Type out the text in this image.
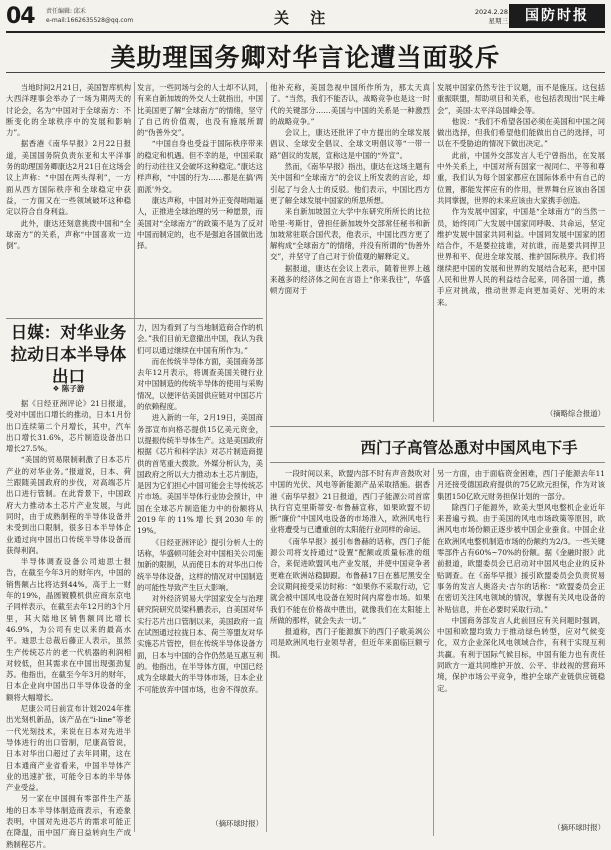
04 责任编辑: 邱禾
e-mail:1662635528@qq.com	关 注	2024.2.28
星期三	国防时报
美助理国务卿对华言论遭当面驳斥

当地时间2月21日，美国智库机构大西洋理事会举办了一场为期两天的讨论会，名为“中国对于全球南方：不断变化的全球秩序中的发展和影响力”。

据香港《南华早报》2月22日报道，美国国务院负责东亚和太平洋事务的助理国务卿康达2月21日在这场会议上声称：“中国在两头得利”，一方面从西方国际秩序和全球稳定中获益，一方面又在一些领域破坏这种稳定以符合自身利益。

此外，康达还刻意挑拨中国和“全球南方”的关系，声称“中国喜欢一边倒”。

发言，一些同场与会的人士却不认同，有来自新加坡的外交人士就指出，中国比美国更了解“全球南方”的情绪，坚守了自己的价值观，也没有施展所谓的“伪善外交”。

“中国自身也受益于国际秩序带来的稳定和机遇。但不幸的是，中国采取的行动往往又会破坏这种稳定。”康达这样声称，“中国的行为……都是在搞‘两面派’外交。

康达声称，中国对外正变得咄咄逼人，正推进全球治理的另一种愿景，而美国对“全球南方”的政策不是为了反对中国而制定的，也不是强迫各国做出选择。

他补充称，美国急视中国所作所为，那太天真了。“当然，我们不能否认，战略竞争也是这一时代的关键部分……美国与中国的关系是一种激烈的战略竞争。”

会议上，康达还批评了中方提出的全球发展倡议、全球安全倡议、全球文明倡议等“一带一路”倡议的发展，宣称这是中国的“外宣”。

然而，《南华早报》指出，康达在这场主题有关中国和“全球南方”的会议上所发表的言论，却引起了与会人士的反驳。他们表示，中国比西方更了解全球发展中国家的所思所想。

来自新加坡国立大学中东研究所所长的比拉哈里·考斯甘，曾担任新加坡外交部常任秘书和新加坡常驻联合国代表，他表示，中国比西方更了解构成“全球南方”的情绪，并没有所谓的“伪善外交”，并坚守了自己对于价值观的解释定义。

据报道，康达在会议上表示，随着世界上越来越多的经济体之间在言语上“你来我往”，华盛顿方面对于

发展中国家仍然专注于议题，而不是施压。这包括重振联盟，帮助项目和关系，也包括表现出“民主峰会”，美国-太平洋岛国峰会等。

他说：“我们不希望各国必须在美国和中国之间做出选择，但我们希望他们能做出自己的选择，可以在不受胁迫的情况下做出决定。”

此前，中国外交部发言人毛宁曾指出，在发展中外关系上，中国对所有国家一视同仁、平等和尊重，我们认为每个国家都应在国际体系中有自己的位置，都能发挥应有的作用，世界舞台应该由各国共同掌握，世界的未来应该由大家携手创造。

作为发展中国家，中国是“全球南方”的当然一员，始终同广大发展中国家同呼吸、共命运，坚定维护发展中国家共同利益。中国同发展中国家的团结合作，不是要拉拢谁，对抗谁，而是要共同捍卫世界和平、促进全球发展、推护国际秩序。我们将继续把中国的发展和世界的发展结合起来，把中国人民和世界人民的利益结合起来，同各国一道，携手应对挑战，推动世界走向更加美好、光明的未来。

（摘略综合报道）
日媒：对华业务
拉动日本半导体出口
❖ 陈子游

据《日经亚洲评论》21日报道，受对中国出口增长的推动，日本1月份出口连续第二个月增长，其中，汽车出口增长31.6%，芯片制造设备出口增长27.5%。

“美国的贸易限制刺激了日本芯片产业的对华业务。”报道说，日本、荷兰跟随美国政府的步伐，对高端芯片出口进行管制。在此背景下，中国政府大力推动本土芯片产业发展，与此同时，由于成熟制程的半导体设备并未受到出口限制，很多日本半导体企业通过向中国出口传统半导体设备而获得利润。

半导体调查设备公司迪思士报告，在截至今年3月的财年内，中国的销售额占比将达到44%，高于上一财年的19%，晶圆镀膜机供应商东京电子同样表示，在截至去年12月的3个月里，其大陆地区销售额同比增长46.9%，为公司有史以来的最高水平。迪思士总裁后藤正人表示，虽然生产传统芯片的老一代机器的利润相对较低，但其需求在中国出现强劲复苏。他指出，在截至今年3月的财年，日本企业向中国出口半导体设备的金额将大幅增长。

尼康公司日前宣布计划2024年推出光刻机新品，该产品在“i-line”等老一代光刻技术，来说在日本对先进半导体进行的出口管制，尼康高管说，日本对华出口超过了去年同期，这在日本通商产业省看来，中国半导体产业的迅速扩张，可能令日本的半导体产业受益。

另一家在中国拥有零部件生产基地的日本半导体制造商表示，有迹象表明，中国对先进芯片的需求可能正在降温，而中国厂商日益转向生产成熟制程芯片。

力，因为看到了与当地制造商合作的机会。”我们目前无意撤出中国，我认为我们可以通过继续在中国有所作为。”

而在传统半导体方面，美国商务部去年12月表示，将调查美国关键行业对中国制造的传统半导体的使用与采购情况，以便评估美国供应链对中国芯片的依赖程度。

进入新的一年，2月19日，美国商务部宣布向格芯提供15亿美元资金，以提振传统半导体生产。这是美国政府根据《芯片和科学法》对芯片制造商提供的首笔重大拨款。外媒分析认为，美国政府之所以大力推动本土芯片制造，是因为它们担心中国可能会主导传统芯片市场。美国半导体行业协会预计，中国在全球芯片制造能力中的份额将从2019年的11%增长到2030年的19%。

《日经亚洲评论》提引分析人士的话称，华盛顿可能会对中国相关公司施加新的限制，从而使日本的对华出口传统半导体设备，这样的情况对中国制造的可能性导致产生巨大影响。

对外经济贸易大学国家安全与治理研究院研究员梁科鹏表示，自美国对华实行芯片出口管制以来，美国政府一直在试图通过拉拢日本、荷兰等盟友对华实施芯片管控，但在传统半导体设备方面，日本与中国的合作仍然是互惠互利的。他指出，在半导体方面，中国已经成为全球最大的半导体市场，日本企业不可能放弃中国市场，也舍不得放弃。

（摘环球时报）
西门子高管怂恿对中国风电下手

一段时间以来，欧盟内部不时有声音鼓吹对中国的光伏、风电等新能源产品采取措施。据香港《南华早报》21日报道，西门子能源公司首席执行官克里斯蒂安·布鲁赫宣称，如果欧盟不切断“廉价”中国风电设备的市场准入，欧洲风电行业将遭受与已遭重创的太阳能行业同样的命运。

《南华早报》援引布鲁赫的话称，西门子能源公司将支持通过“设置”配额或质量标准的组合，来促进欧盟风电产业发展，并使中国竞争者更难在欧洲站稳脚跟。布鲁赫17日在慕尼黑安全会议期间接受采访时称：“如果你不采取行动，它就会被中国风电设备在短时间内席卷市场。如果我们不能在价格战中胜出，就像我们在太阳能上所做的那样，就会失去一切。”

报道称，西门子能源旗下的西门子歌美飒公司是欧洲风电行业领导者，但近年来面临巨额亏损。

另一方面，由于面临资金困难，西门子能源去年11月还接受德国政府提供的75亿欧元担保，作为对该集团150亿欧元财务担保计划的一部分。

除西门子能源外，欧美大型风电整机企业近年来普遍亏损。由于美国的风电市场政策等原因，欧洲风电市场份额正逐步被中国企业蚕食。中国企业在欧洲风电整机制造市场的份额约为2/3。一些关键零部件占有60%~70%的份额。据《金融时报》此前报道，欧盟委员会已启动对中国风电企业的反补贴调查。在《南华早报》援引欧盟委员会负责贸易事务的发言人奥洛夫·吉尔的话称：“欧盟委员会正在密切关注风电领域的情况，掌握有关风电设备的补贴信息，并在必要时采取行动。”

中国商务部发言人此前回应有关问题时强调，中国和欧盟均致力于推动绿色转型，应对气候变化，双方企业深化风电领域合作，有利于实现互利共赢。有利于国际气候目标，中国有能力也有责任同欧方一道共同维护开放、公平、非歧视的营商环境，保护市场公平竞争，维护全球产业链供应链稳定。

（摘环球时报）
